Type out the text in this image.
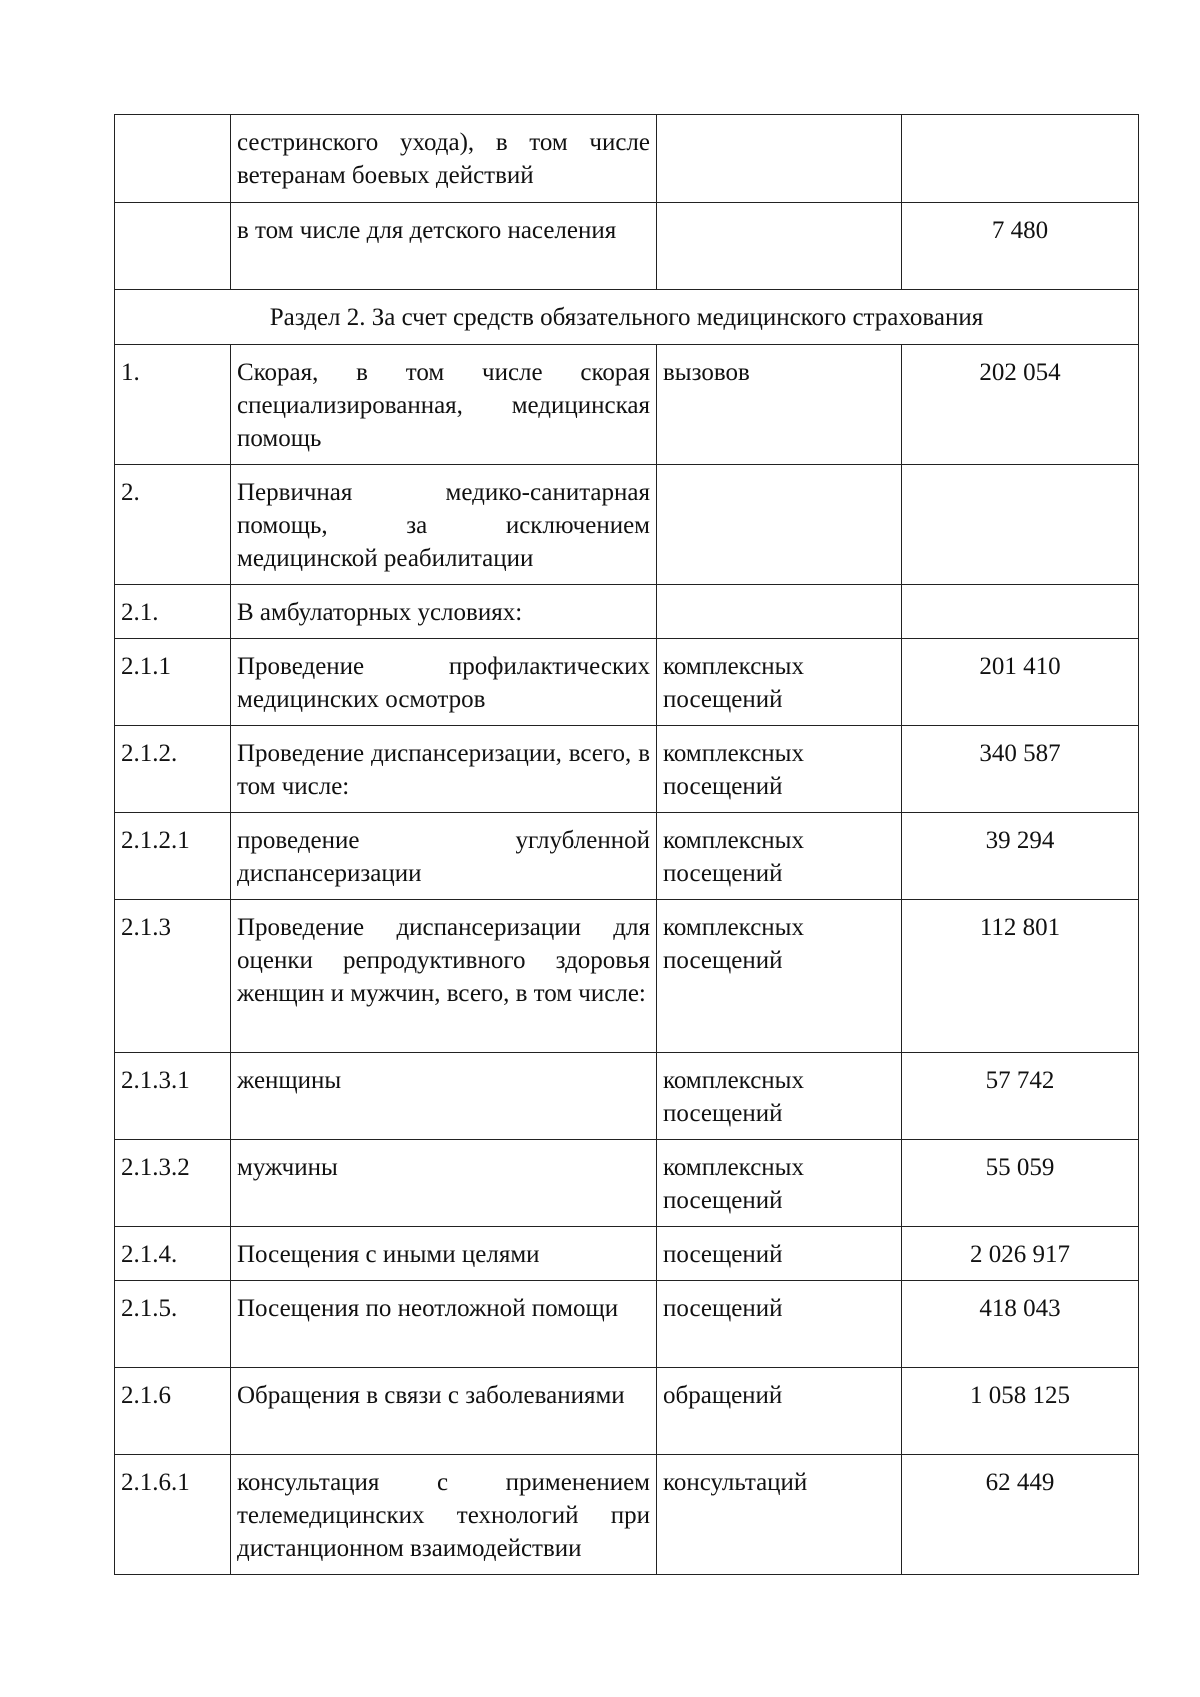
	сестринского ухода), в том числе ветеранам боевых действий		
	в том числе для детского населения		7 480
Раздел 2. За счет средств обязательного медицинского страхования			
1.	Скорая, в том числе скорая специализированная, медицинская помощь	вызовов	202 054
2.	Первичная медико-санитарная помощь, за исключением медицинской реабилитации		
2.1.	В амбулаторных условиях:		
2.1.1	Проведение профилактических медицинских осмотров	комплексных посещений	201 410
2.1.2.	Проведение диспансеризации, всего, в том числе:	комплексных посещений	340 587
2.1.2.1	проведение углубленной диспансеризации	комплексных посещений	39 294
2.1.3	Проведение диспансеризации для оценки репродуктивного здоровья женщин и мужчин, всего, в том числе:	комплексных посещений	112 801
2.1.3.1	женщины	комплексных посещений	57 742
2.1.3.2	мужчины	комплексных посещений	55 059
2.1.4.	Посещения с иными целями	посещений	2 026 917
2.1.5.	Посещения по неотложной помощи	посещений	418 043
2.1.6	Обращения в связи с заболеваниями	обращений	1 058 125
2.1.6.1	консультация с применением телемедицинских технологий при дистанционном взаимодействии	консультаций	62 449
